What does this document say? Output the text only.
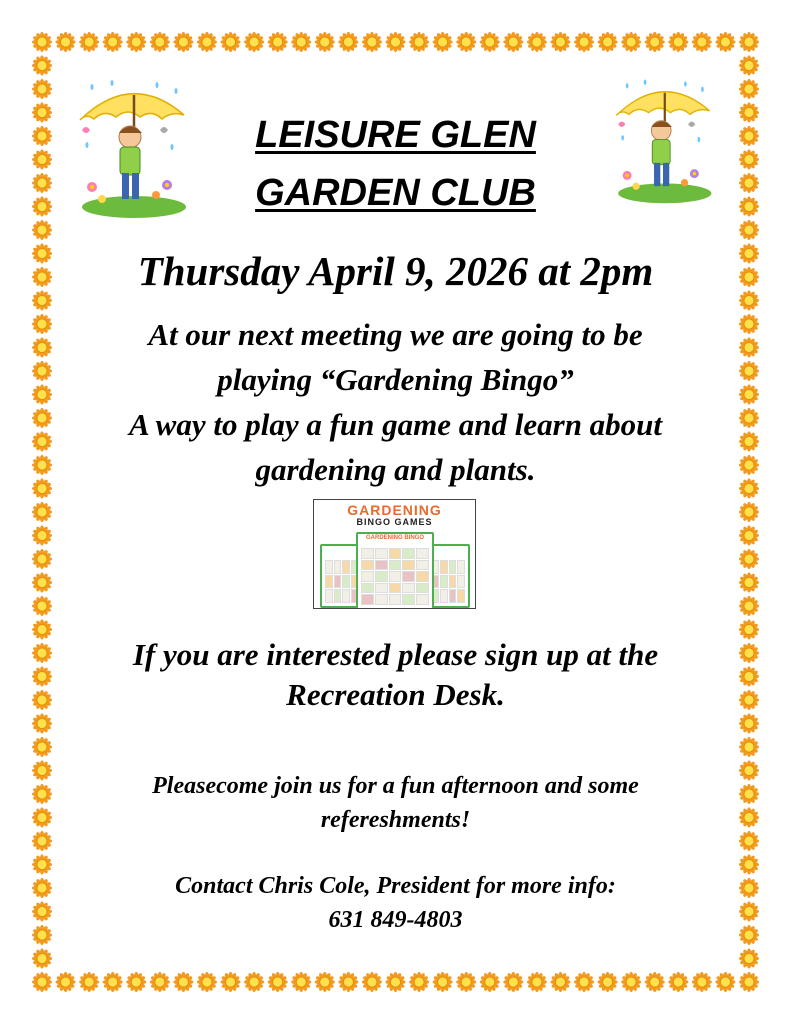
LEISURE GLEN
GARDEN CLUB
Thursday April 9, 2026 at 2pm
At our next meeting we are going to be
playing “Gardening Bingo”
A way to play a fun game and learn about
gardening and plants.
If you are interested please sign up at the
Recreation Desk.
Pleasecome join us for a fun afternoon and some
refereshments!
Contact Chris Cole, President for more info:
631 849-4803
GARDENING
BINGO GAMES
GARDENING BINGO
